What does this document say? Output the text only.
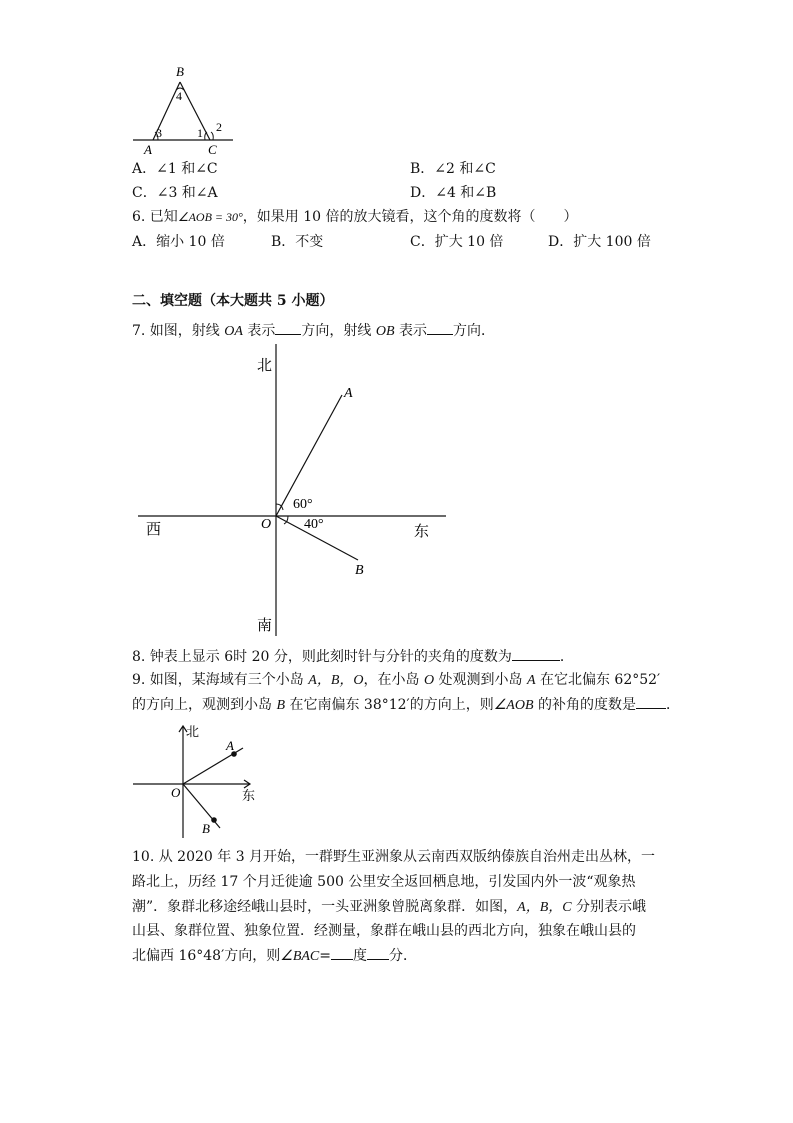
B
4
3	1 2
A	C
A．∠1 和∠C	B．∠2 和∠C
C．∠3 和∠A	D．∠4 和∠B
6. 已知∠AOB = 30°，如果用 10 倍的放大镜看，这个角的度数将（　　）
A．缩小 10 倍	B．不变	C．扩大 10 倍	D．扩大 100 倍
二、填空题（本大题共 5 小题）
7. 如图，射线 OA 表示 方向，射线 OB 表示 方向．
北
南
西	东
O
A
B
60°
40°
8. 钟表上显示 6时 20 分，则此刻时针与分针的夹角的度数为	．
9. 如图，某海域有三个小岛 A，B，O，在小岛 O 处观测到小岛 A 在它北偏东 62°52′
的方向上，观测到小岛 B 在它南偏东 38°12′的方向上，则∠AOB 的补角的度数是 ．
北
东
O
A
B
10. 从 2020 年 3 月开始，一群野生亚洲象从云南西双版纳傣族自治州走出丛林，一
路北上，历经 17 个月迁徙逾 500 公里安全返回栖息地，引发国内外一波“观象热
潮”．象群北移途经峨山县时，一头亚洲象曾脱离象群．如图，A，B，C 分别表示峨
山县、象群位置、独象位置．经测量，象群在峨山县的西北方向，独象在峨山县的
北偏西 16°48′方向，则∠BAC= 度 分．
